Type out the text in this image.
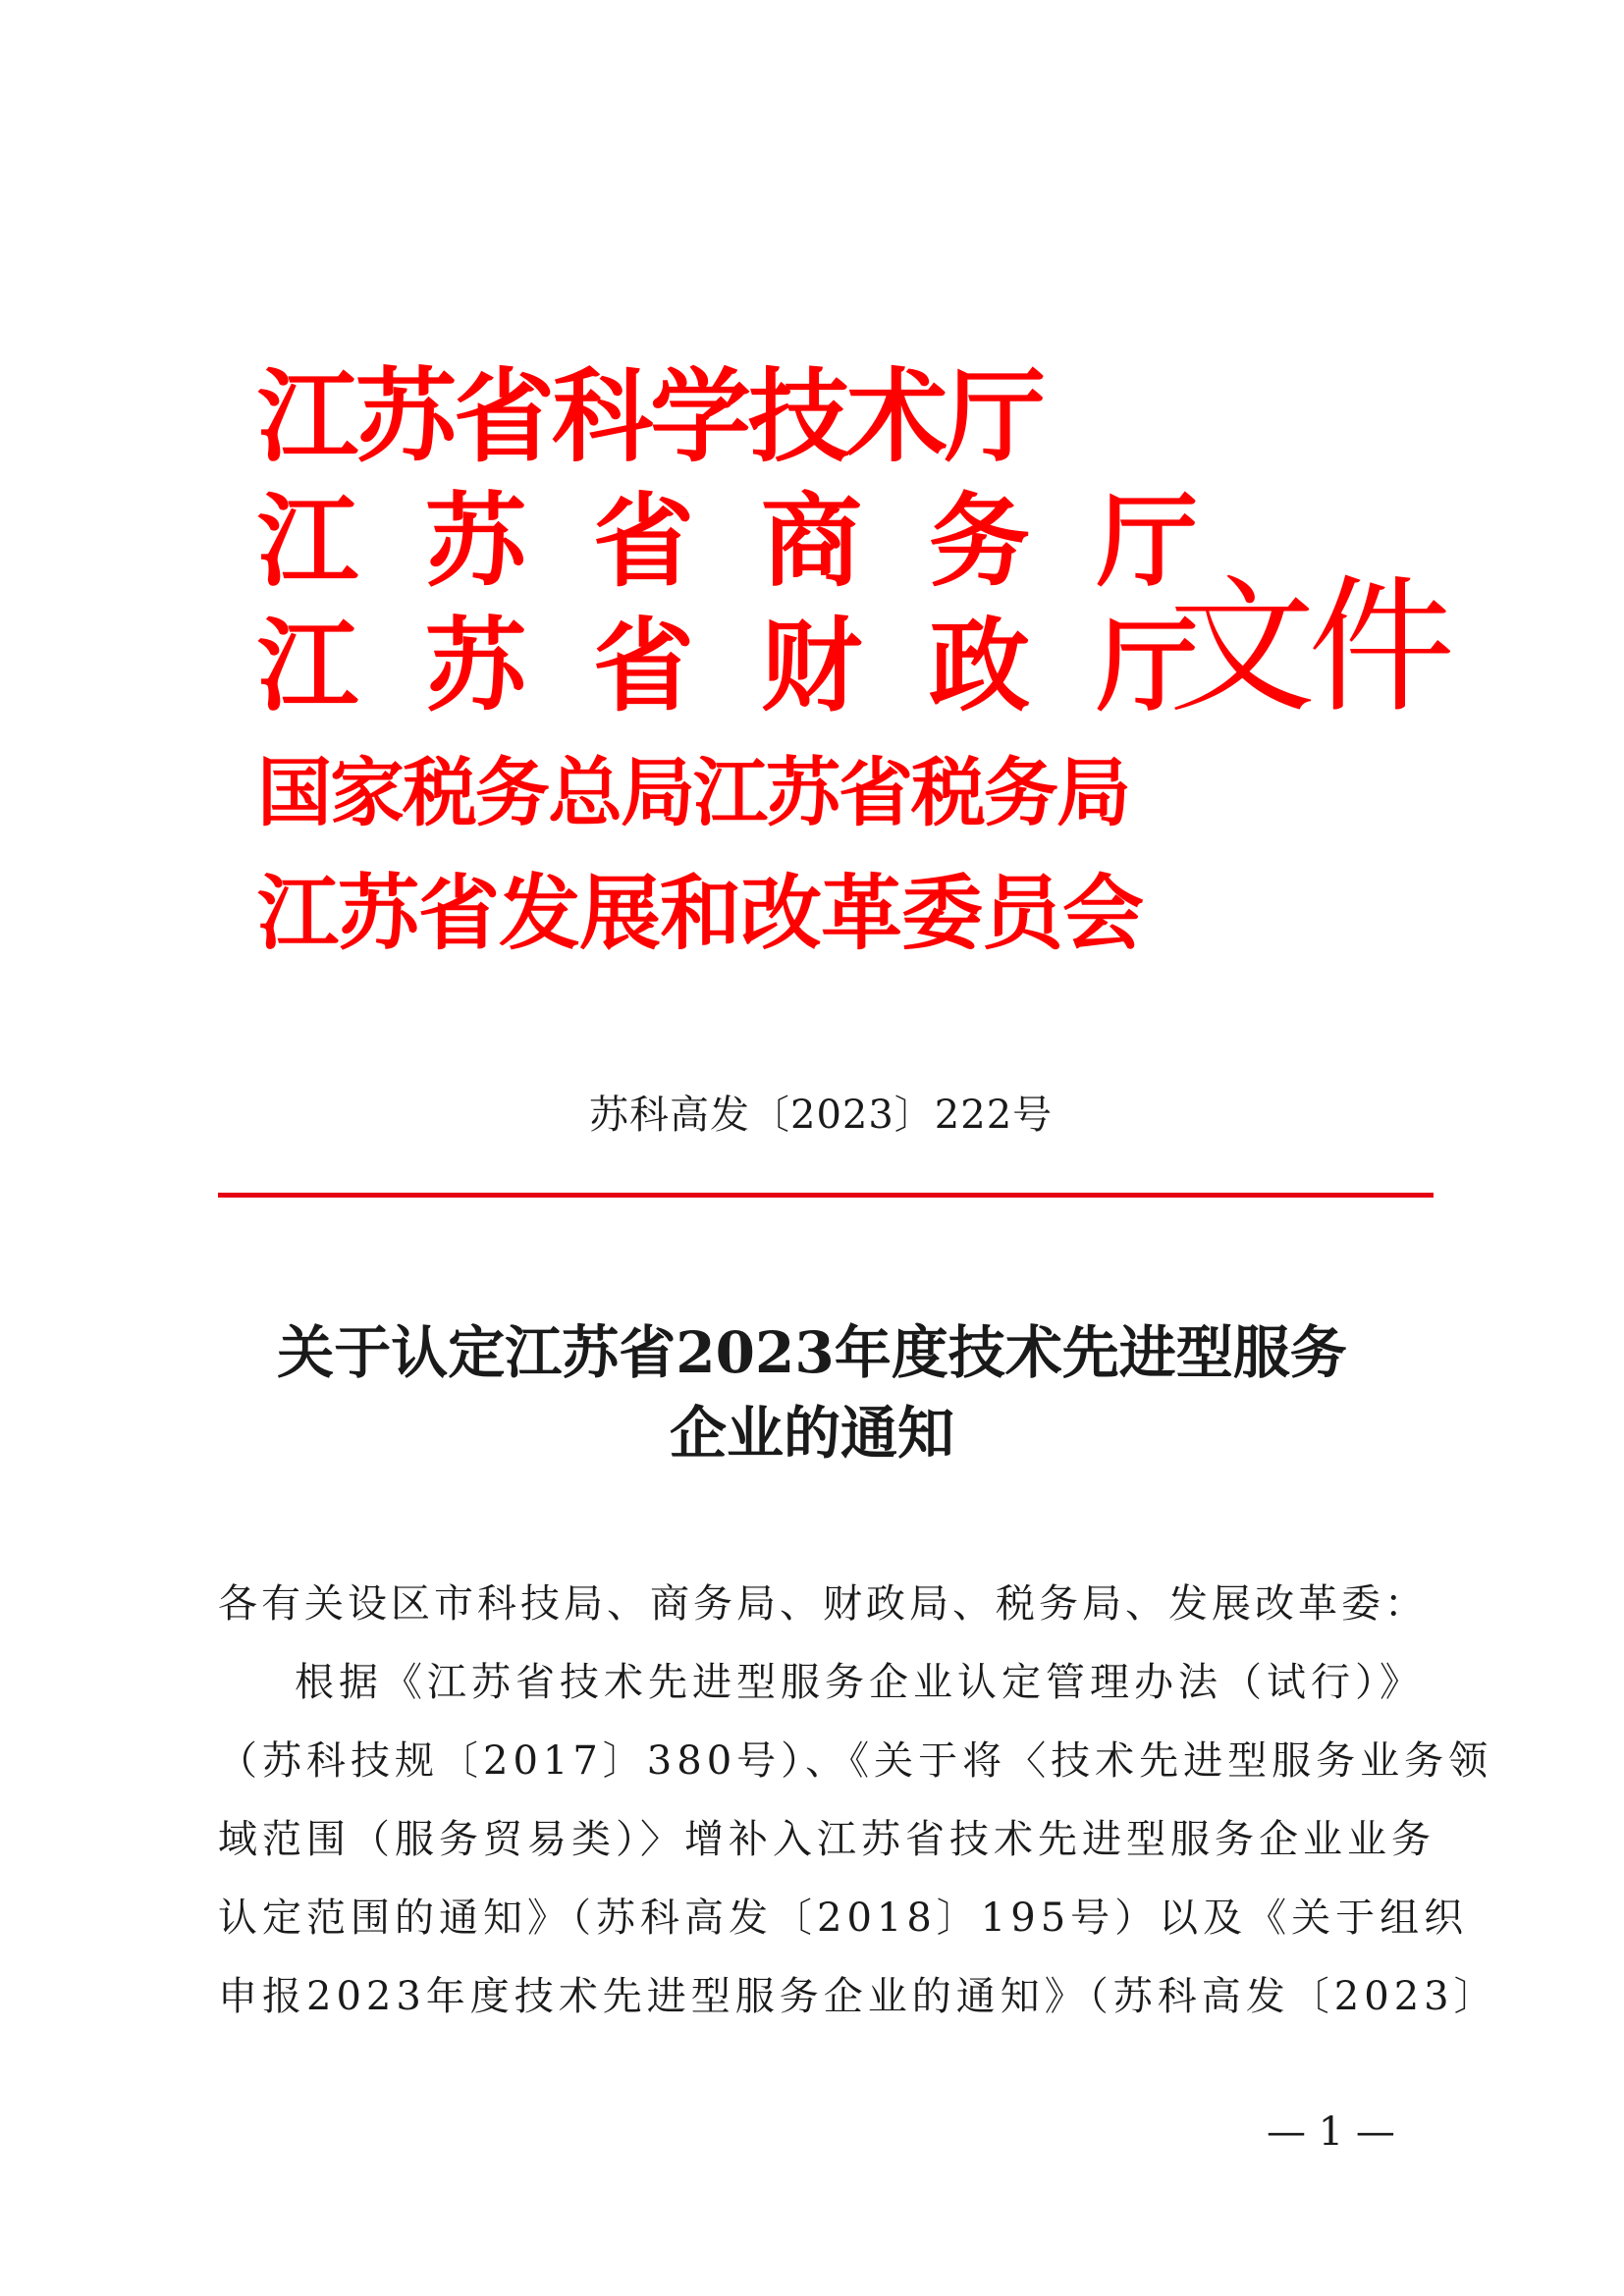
江苏省科学技术厅
江苏省商务厅
江苏省财政厅
国家税务总局江苏省税务局
江苏省发展和改革委员会
文件
苏科高发〔2023〕222号
关于认定江苏省2023年度技术先进型服务
企业的通知
各有关设区市科技局、商务局、财政局、税务局、发展改革委：
根据《江苏省技术先进型服务企业认定管理办法（试行）》
（苏科技规〔2017〕380号）、《关于将〈技术先进型服务业务领
域范围（服务贸易类）〉增补入江苏省技术先进型服务企业业务
认定范围的通知》（苏科高发〔2018〕195号）以及《关于组织
申报2023年度技术先进型服务企业的通知》（苏科高发〔2023〕
— 1 —
